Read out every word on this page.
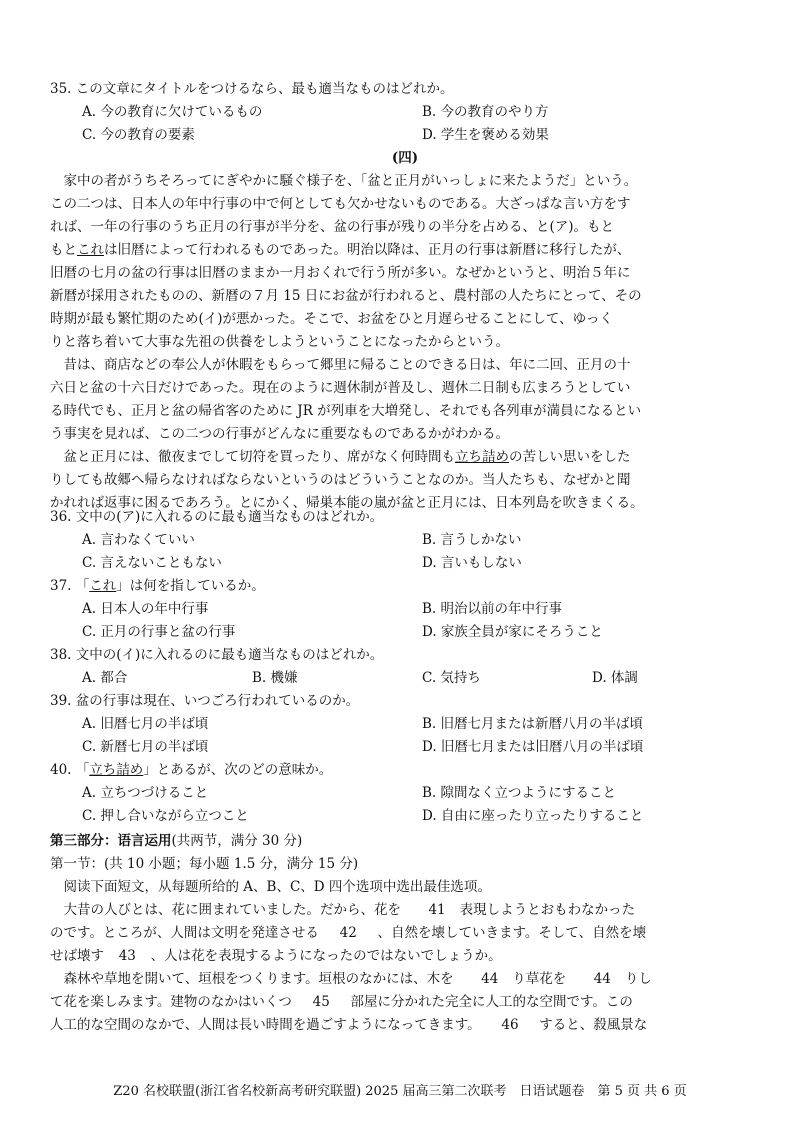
35. この文章にタイトルをつけるなら、最も適当なものはどれか。
A. 今の教育に欠けているもの	B. 今の教育のやり方
C. 今の教育の要素	D. 学生を褒める効果
(四)
家中の者がうちそろってにぎやかに騒ぐ様子を、「盆と正月がいっしょに来たようだ」という。
この二つは、日本人の年中行事の中で何としても欠かせないものである。大ざっぱな言い方をす
れば、一年の行事のうち正月の行事が半分を、盆の行事が残りの半分を占める、と(ア)。もと
もとこれは旧暦によって行われるものであった。明治以降は、正月の行事は新暦に移行したが、
旧暦の七月の盆の行事は旧暦のままか一月おくれで行う所が多い。なぜかというと、明治５年に
新暦が採用されたものの、新暦の７月 15 日にお盆が行われると、農村部の人たちにとって、その
時期が最も繁忙期のため(イ)が悪かった。そこで、お盆をひと月遅らせることにして、ゆっく
りと落ち着いて大事な先祖の供養をしようということになったからという。
昔は、商店などの奉公人が休暇をもらって郷里に帰ることのできる日は、年に二回、正月の十
六日と盆の十六日だけであった。現在のように週休制が普及し、週休二日制も広まろうとしてい
る時代でも、正月と盆の帰省客のために JR が列車を大増発し、それでも各列車が満員になるとい
う事実を見れば、この二つの行事がどんなに重要なものであるかがわかる。
盆と正月には、徹夜までして切符を買ったり、席がなく何時間も立ち詰めの苦しい思いをした
りしても故郷へ帰らなければならないというのはどういうことなのか。当人たちも、なぜかと聞
かれれば返事に困るであろう。とにかく、帰巣本能の嵐が盆と正月には、日本列島を吹きまくる。
36. 文中の(ア)に入れるのに最も適当なものはどれか。
A. 言わなくていい	B. 言うしかない
C. 言えないこともない	D. 言いもしない
37. 「これ」は何を指しているか。
A. 日本人の年中行事	B. 明治以前の年中行事
C. 正月の行事と盆の行事	D. 家族全員が家にそろうこと
38. 文中の(イ)に入れるのに最も適当なものはどれか。
A. 都合	B. 機嫌	C. 気持ち	D. 体調
39. 盆の行事は現在、いつごろ行われているのか。
A. 旧暦七月の半ば頃	B. 旧暦七月または新暦八月の半ば頃
C. 新暦七月の半ば頃	D. 旧暦七月または旧暦八月の半ば頃
40. 「立ち詰め」とあるが、次のどの意味か。
A. 立ちつづけること	B. 隙間なく立つようにすること
C. 押し合いながら立つこと	D. 自由に座ったり立ったりすること
第三部分：语言运用(共两节，满分 30 分)
第一节：(共 10 小题；每小题 1.5 分，满分 15 分)
阅读下面短文，从每题所给的 A、B、C、D 四个选项中选出最佳选项。
大昔の人びとは、花に囲まれていました。だから、花を 41 表現しようとおもわなかった
のです。ところが、人間は文明を発達させる 42 、自然を壊していきます。そして、自然を壊
せば壊す 43 、人は花を表現するようになったのではないでしょうか。
森林や草地を開いて、垣根をつくります。垣根のなかには、木を 44 り草花を 44 りし
て花を楽しみます。建物のなかはいくつ 45 部屋に分かれた完全に人工的な空間です。この
人工的な空間のなかで、人間は長い時間を過ごすようになってきます。 46 すると、殺風景な
Z20 名校联盟(浙江省名校新高考研究联盟) 2025 届高三第二次联考　日语试题卷　第 5 页 共 6 页
